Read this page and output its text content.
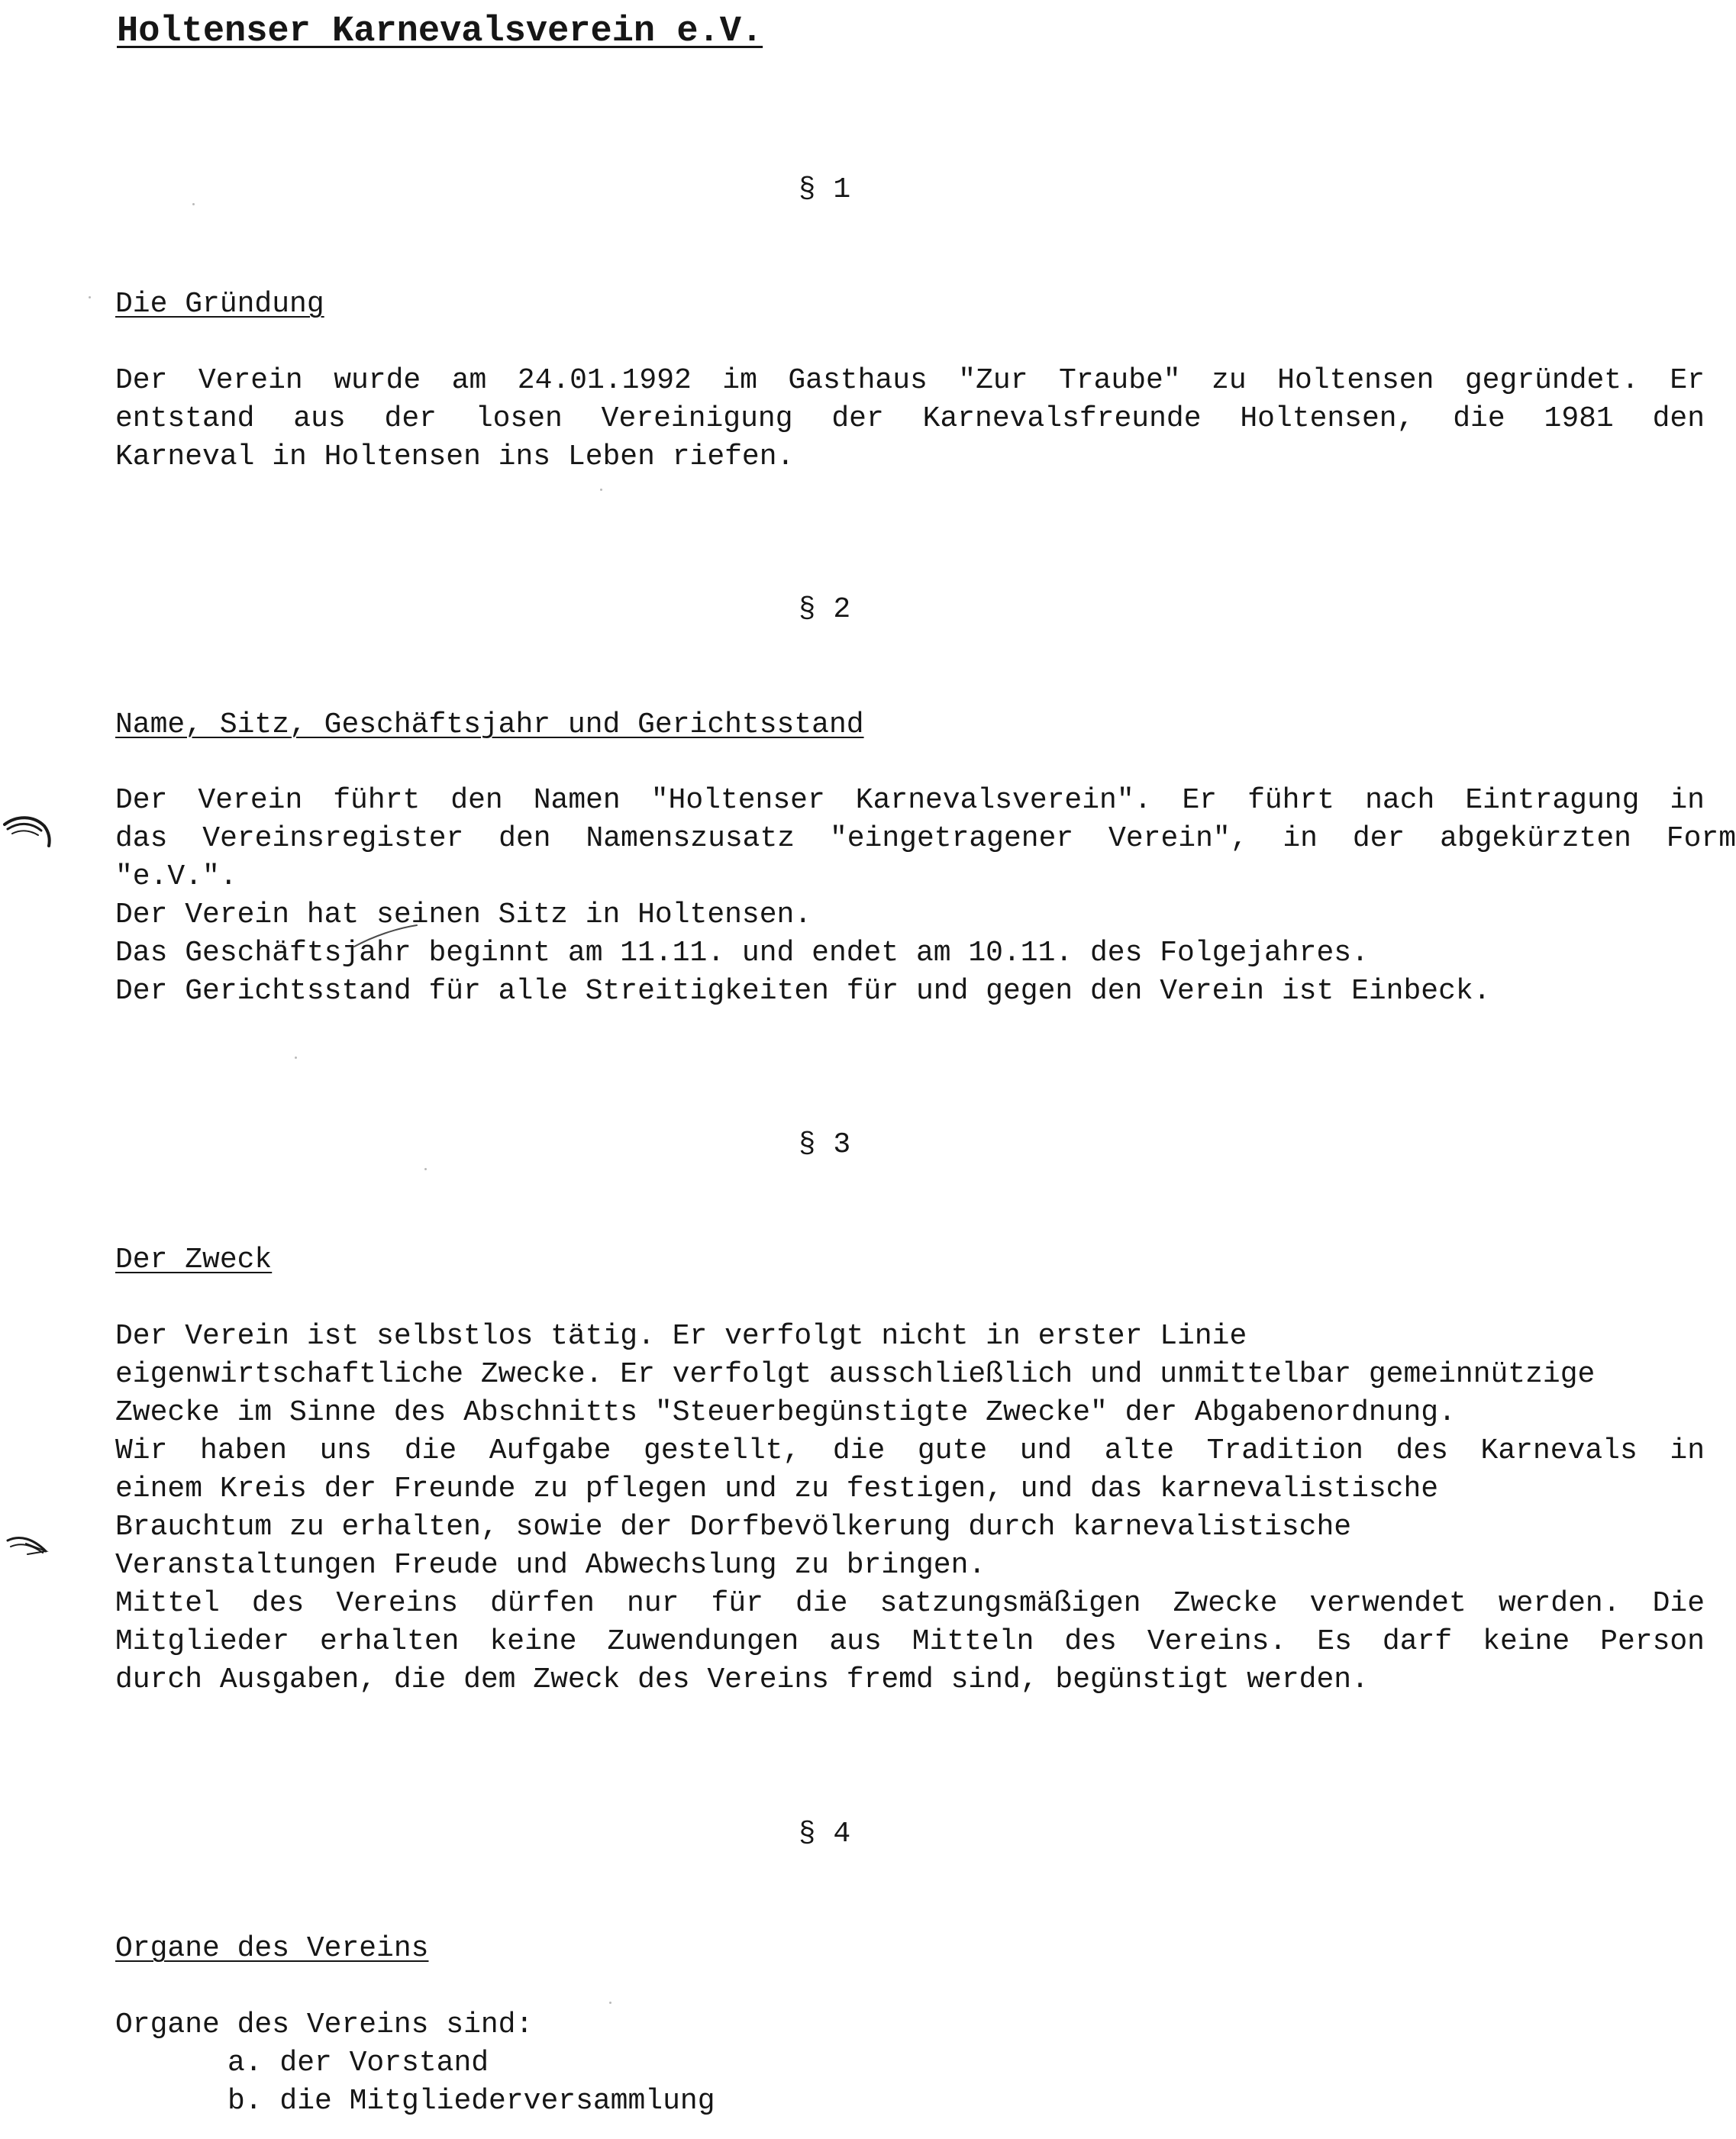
Holtenser Karnevalsverein e.V.
§ 1
Die Gründung
Der Verein wurde am 24.01.1992 im Gasthaus "Zur Traube" zu Holtensen gegründet. Er
entstand aus der losen Vereinigung der Karnevalsfreunde Holtensen, die 1981 den
Karneval in Holtensen ins Leben riefen.
§ 2
Name, Sitz, Geschäftsjahr und Gerichtsstand
Der Verein führt den Namen "Holtenser Karnevalsverein". Er führt nach Eintragung in
das Vereinsregister den Namenszusatz "eingetragener Verein", in der abgekürzten Form
"e.V.".
Der Verein hat seinen Sitz in Holtensen.
Das Geschäftsjahr beginnt am 11.11. und endet am 10.11. des Folgejahres.
Der Gerichtsstand für alle Streitigkeiten für und gegen den Verein ist Einbeck.
§ 3
Der Zweck
Der Verein ist selbstlos tätig. Er verfolgt nicht in erster Linie
eigenwirtschaftliche Zwecke. Er verfolgt ausschließlich und unmittelbar gemeinnützige
Zwecke im Sinne des Abschnitts "Steuerbegünstigte Zwecke" der Abgabenordnung.
Wir haben uns die Aufgabe gestellt, die gute und alte Tradition des Karnevals in
einem Kreis der Freunde zu pflegen und zu festigen, und das karnevalistische
Brauchtum zu erhalten, sowie der Dorfbevölkerung durch karnevalistische
Veranstaltungen Freude und Abwechslung zu bringen.
Mittel des Vereins dürfen nur für die satzungsmäßigen Zwecke verwendet werden. Die
Mitglieder erhalten keine Zuwendungen aus Mitteln des Vereins. Es darf keine Person
durch Ausgaben, die dem Zweck des Vereins fremd sind, begünstigt werden.
§ 4
Organe des Vereins
Organe des Vereins sind:
a. der Vorstand
b. die Mitgliederversammlung
